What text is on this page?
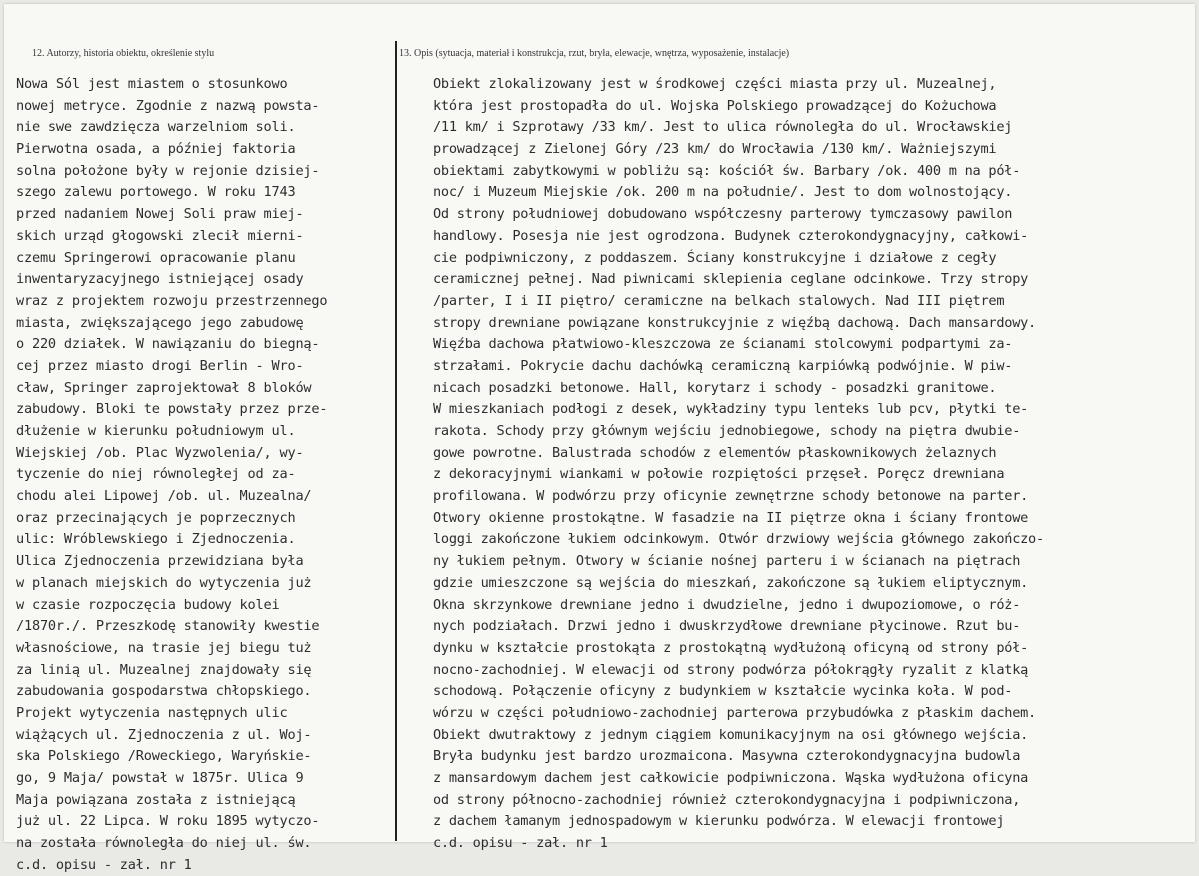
12. Autorzy, historia obiektu, określenie stylu	13. Opis (sytuacja, materiał i konstrukcja, rzut, bryła, elewacje, wnętrza, wyposażenie, instalacje)
Nowa Sól jest miastem o stosunkowo
nowej metryce. Zgodnie z nazwą powsta-
nie swe zawdzięcza warzelniom soli.
Pierwotna osada, a później faktoria
solna położone były w rejonie dzisiej-
szego zalewu portowego. W roku 1743
przed nadaniem Nowej Soli praw miej-
skich urząd głogowski zlecił mierni-
czemu Springerowi opracowanie planu
inwentaryzacyjnego istniejącej osady
wraz z projektem rozwoju przestrzennego
miasta, zwiększającego jego zabudowę
o 220 działek. W nawiązaniu do biegną-
cej przez miasto drogi Berlin - Wro-
cław, Springer zaprojektował 8 bloków
zabudowy. Bloki te powstały przez prze-
dłużenie w kierunku południowym ul.
Wiejskiej /ob. Plac Wyzwolenia/, wy-
tyczenie do niej równoległej od za-
chodu alei Lipowej /ob. ul. Muzealna/
oraz przecinających je poprzecznych
ulic: Wróblewskiego i Zjednoczenia.
Ulica Zjednoczenia przewidziana była
w planach miejskich do wytyczenia już
w czasie rozpoczęcia budowy kolei
/1870r./. Przeszkodę stanowiły kwestie
własnościowe, na trasie jej biegu tuż
za linią ul. Muzealnej znajdowały się
zabudowania gospodarstwa chłopskiego.
Projekt wytyczenia następnych ulic
wiążących ul. Zjednoczenia z ul. Woj-
ska Polskiego /Roweckiego, Waryńskie-
go, 9 Maja/ powstał w 1875r. Ulica 9
Maja powiązana została z istniejącą
już ul. 22 Lipca. W roku 1895 wytyczo-
na została równoległa do niej ul. św.
c.d. opisu - zał. nr 1
Obiekt zlokalizowany jest w środkowej części miasta przy ul. Muzealnej,
która jest prostopadła do ul. Wojska Polskiego prowadzącej do Kożuchowa
/11 km/ i Szprotawy /33 km/. Jest to ulica równoległa do ul. Wrocławskiej
prowadzącej z Zielonej Góry /23 km/ do Wrocławia /130 km/. Ważniejszymi
obiektami zabytkowymi w pobliżu są: kościół św. Barbary /ok. 400 m na pół-
noc/ i Muzeum Miejskie /ok. 200 m na południe/. Jest to dom wolnostojący.
Od strony południowej dobudowano współczesny parterowy tymczasowy pawilon
handlowy. Posesja nie jest ogrodzona. Budynek czterokondygnacyjny, całkowi-
cie podpiwniczony, z poddaszem. Ściany konstrukcyjne i działowe z cegły
ceramicznej pełnej. Nad piwnicami sklepienia ceglane odcinkowe. Trzy stropy
/parter, I i II piętro/ ceramiczne na belkach stalowych. Nad III piętrem
stropy drewniane powiązane konstrukcyjnie z więźbą dachową. Dach mansardowy.
Więźba dachowa płatwiowo-kleszczowa ze ścianami stolcowymi podpartymi za-
strzałami. Pokrycie dachu dachówką ceramiczną karpiówką podwójnie. W piw-
nicach posadzki betonowe. Hall, korytarz i schody - posadzki granitowe.
W mieszkaniach podłogi z desek, wykładziny typu lenteks lub pcv, płytki te-
rakota. Schody przy głównym wejściu jednobiegowe, schody na piętra dwubie-
gowe powrotne. Balustrada schodów z elementów płaskownikowych żelaznych
z dekoracyjnymi wiankami w połowie rozpiętości przęseł. Poręcz drewniana
profilowana. W podwórzu przy oficynie zewnętrzne schody betonowe na parter.
Otwory okienne prostokątne. W fasadzie na II piętrze okna i ściany frontowe
loggi zakończone łukiem odcinkowym. Otwór drzwiowy wejścia głównego zakończo-
ny łukiem pełnym. Otwory w ścianie nośnej parteru i w ścianach na piętrach
gdzie umieszczone są wejścia do mieszkań, zakończone są łukiem eliptycznym.
Okna skrzynkowe drewniane jedno i dwudzielne, jedno i dwupoziomowe, o róż-
nych podziałach. Drzwi jedno i dwuskrzydłowe drewniane płycinowe. Rzut bu-
dynku w kształcie prostokąta z prostokątną wydłużoną oficyną od strony pół-
nocno-zachodniej. W elewacji od strony podwórza półokrągły ryzalit z klatką
schodową. Połączenie oficyny z budynkiem w kształcie wycinka koła. W pod-
wórzu w części południowo-zachodniej parterowa przybudówka z płaskim dachem.
Obiekt dwutraktowy z jednym ciągiem komunikacyjnym na osi głównego wejścia.
Bryła budynku jest bardzo urozmaicona. Masywna czterokondygnacyjna budowla
z mansardowym dachem jest całkowicie podpiwniczona. Wąska wydłużona oficyna
od strony północno-zachodniej również czterokondygnacyjna i podpiwniczona,
z dachem łamanym jednospadowym w kierunku podwórza. W elewacji frontowej
c.d. opisu - zał. nr 1
